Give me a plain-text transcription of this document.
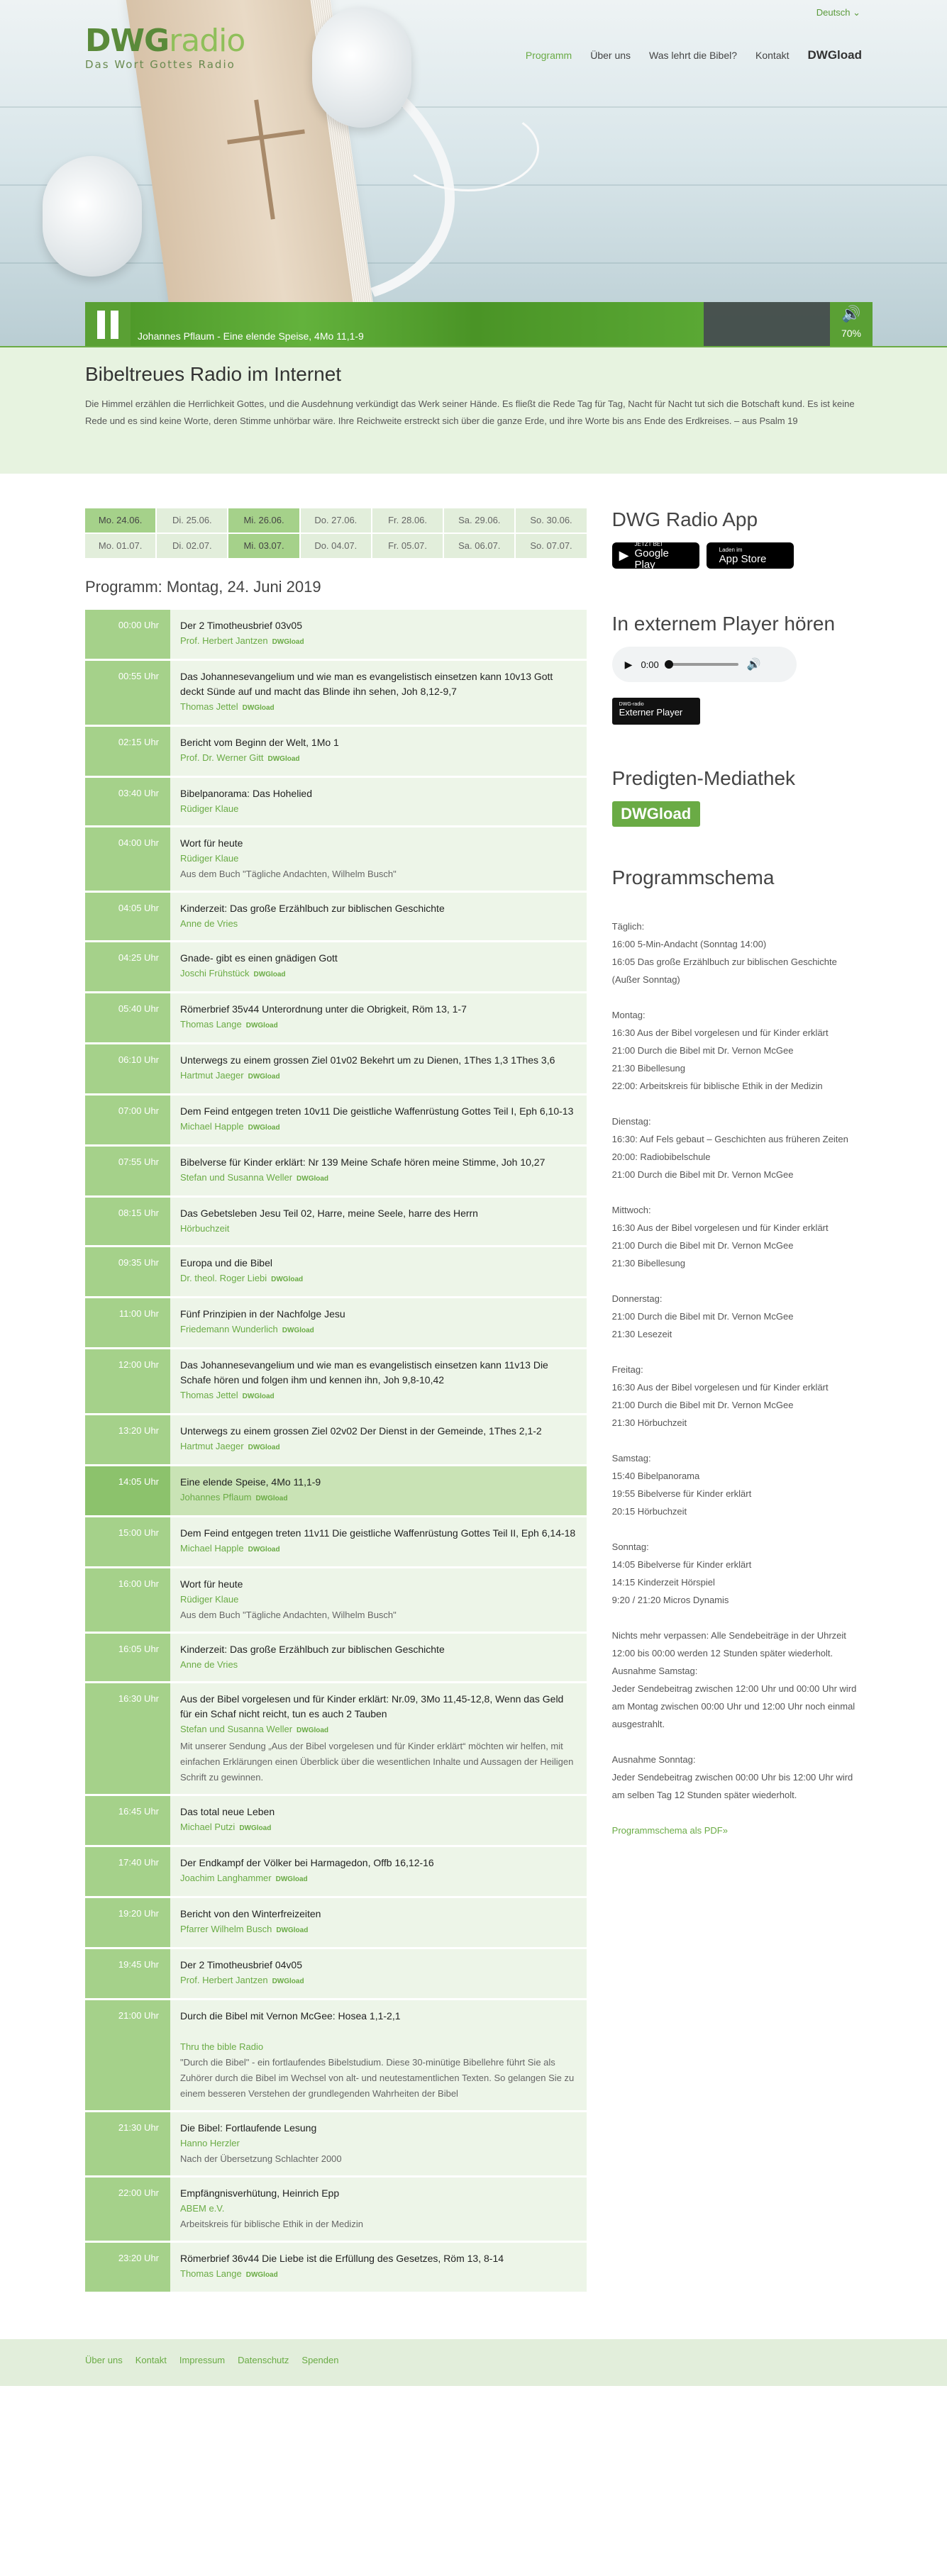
DWGradio
Das Wort Gottes Radio
Deutsch ⌄
Programm Über uns Was lehrt die Bibel? Kontakt DWGload
Johannes Pflaum - Eine elende Speise, 4Mo 11,1-9
🔊
70%
Bibeltreues Radio im Internet

Die Himmel erzählen die Herrlichkeit Gottes, und die Ausdehnung verkündigt das Werk seiner Hände. Es fließt die Rede Tag für Tag, Nacht für Nacht tut sich die Botschaft kund. Es ist keine Rede und es sind keine Worte, deren Stimme unhörbar wäre. Ihre Reichweite erstreckt sich über die ganze Erde, und ihre Worte bis ans Ende des Erdkreises. – aus Psalm 19

Mo. 24.06.	Di. 25.06.	Mi. 26.06.	Do. 27.06.	Fr. 28.06.	Sa. 29.06.	So. 30.06.
Mo. 01.07.	Di. 02.07.	Mi. 03.07.	Do. 04.07.	Fr. 05.07.	Sa. 06.07.	So. 07.07.
Programm: Montag, 24. Juni 2019
00:00 Uhr	Der 2 Timotheusbrief 03v05
Prof. Herbert Jantzen DWGload
00:55 Uhr	Das Johannesevangelium und wie man es evangelistisch einsetzen kann 10v13 Gott deckt Sünde auf und macht das Blinde ihn sehen, Joh 8,12-9,7
Thomas Jettel DWGload
02:15 Uhr	Bericht vom Beginn der Welt, 1Mo 1
Prof. Dr. Werner Gitt DWGload
03:40 Uhr	Bibelpanorama: Das Hohelied
Rüdiger Klaue
04:00 Uhr	Wort für heute
Rüdiger Klaue
Aus dem Buch "Tägliche Andachten, Wilhelm Busch"
04:05 Uhr	Kinderzeit: Das große Erzählbuch zur biblischen Geschichte
Anne de Vries
04:25 Uhr	Gnade- gibt es einen gnädigen Gott
Joschi Frühstück DWGload
05:40 Uhr	Römerbrief 35v44 Unterordnung unter die Obrigkeit, Röm 13, 1-7
Thomas Lange DWGload
06:10 Uhr	Unterwegs zu einem grossen Ziel 01v02 Bekehrt um zu Dienen, 1Thes 1,3 1Thes 3,6
Hartmut Jaeger DWGload
07:00 Uhr	Dem Feind entgegen treten 10v11 Die geistliche Waffenrüstung Gottes Teil I, Eph 6,10-13
Michael Happle DWGload
07:55 Uhr	Bibelverse für Kinder erklärt: Nr 139 Meine Schafe hören meine Stimme, Joh 10,27
Stefan und Susanna Weller DWGload
08:15 Uhr	Das Gebetsleben Jesu Teil 02, Harre, meine Seele, harre des Herrn
Hörbuchzeit
09:35 Uhr	Europa und die Bibel
Dr. theol. Roger Liebi DWGload
11:00 Uhr	Fünf Prinzipien in der Nachfolge Jesu
Friedemann Wunderlich DWGload
12:00 Uhr	Das Johannesevangelium und wie man es evangelistisch einsetzen kann 11v13 Die Schafe hören und folgen ihm und kennen ihn, Joh 9,8-10,42
Thomas Jettel DWGload
13:20 Uhr	Unterwegs zu einem grossen Ziel 02v02 Der Dienst in der Gemeinde, 1Thes 2,1-2
Hartmut Jaeger DWGload
14:05 Uhr	Eine elende Speise, 4Mo 11,1-9
Johannes Pflaum DWGload
15:00 Uhr	Dem Feind entgegen treten 11v11 Die geistliche Waffenrüstung Gottes Teil II, Eph 6,14-18
Michael Happle DWGload
16:00 Uhr	Wort für heute
Rüdiger Klaue
Aus dem Buch "Tägliche Andachten, Wilhelm Busch"
16:05 Uhr	Kinderzeit: Das große Erzählbuch zur biblischen Geschichte
Anne de Vries
16:30 Uhr	Aus der Bibel vorgelesen und für Kinder erklärt: Nr.09, 3Mo 11,45-12,8, Wenn das Geld für ein Schaf nicht reicht, tun es auch 2 Tauben
Stefan und Susanna Weller DWGload
Mit unserer Sendung „Aus der Bibel vorgelesen und für Kinder erklärt“ möchten wir helfen, mit einfachen Erklärungen einen Überblick über die wesentlichen Inhalte und Aussagen der Heiligen Schrift zu gewinnen.
16:45 Uhr	Das total neue Leben
Michael Putzi DWGload
17:40 Uhr	Der Endkampf der Völker bei Harmagedon, Offb 16,12-16
Joachim Langhammer DWGload
19:20 Uhr	Bericht von den Winterfreizeiten
Pfarrer Wilhelm Busch DWGload
19:45 Uhr	Der 2 Timotheusbrief 04v05
Prof. Herbert Jantzen DWGload
21:00 Uhr	Durch die Bibel mit Vernon McGee: Hosea 1,1-2,1
Thru the bible Radio
"Durch die Bibel" - ein fortlaufendes Bibelstudium. Diese 30-minütige Bibellehre führt Sie als Zuhörer durch die Bibel im Wechsel von alt- und neutestamentlichen Texten. So gelangen Sie zu einem besseren Verstehen der grundlegenden Wahrheiten der Bibel
21:30 Uhr	Die Bibel: Fortlaufende Lesung
Hanno Herzler
Nach der Übersetzung Schlachter 2000
22:00 Uhr	Empfängnisverhütung, Heinrich Epp
ABEM e.V.
Arbeitskreis für biblische Ethik in der Medizin
23:20 Uhr	Römerbrief 36v44 Die Liebe ist die Erfüllung des Gesetzes, Röm 13, 8-14
Thomas Lange DWGload
DWG Radio App
▶
JETZT BEI
Google Play
Laden im
App Store
In externem Player hören
▶ 0:00	🔊
DWG-radio
Externer Player
Predigten-Mediathek
DWGload
Programmschema
Täglich:
16:00 5-Min-Andacht (Sonntag 14:00)
16:05 Das große Erzählbuch zur biblischen Geschichte (Außer Sonntag)
Montag:
16:30 Aus der Bibel vorgelesen und für Kinder erklärt
21:00 Durch die Bibel mit Dr. Vernon McGee
21:30 Bibellesung
22:00: Arbeitskreis für biblische Ethik in der Medizin
Dienstag:
16:30: Auf Fels gebaut – Geschichten aus früheren Zeiten
20:00: Radiobibelschule
21:00 Durch die Bibel mit Dr. Vernon McGee
Mittwoch:
16:30 Aus der Bibel vorgelesen und für Kinder erklärt
21:00 Durch die Bibel mit Dr. Vernon McGee
21:30 Bibellesung
Donnerstag:
21:00 Durch die Bibel mit Dr. Vernon McGee
21:30 Lesezeit
Freitag:
16:30 Aus der Bibel vorgelesen und für Kinder erklärt
21:00 Durch die Bibel mit Dr. Vernon McGee
21:30 Hörbuchzeit
Samstag:
15:40 Bibelpanorama
19:55 Bibelverse für Kinder erklärt
20:15 Hörbuchzeit
Sonntag:
14:05 Bibelverse für Kinder erklärt
14:15 Kinderzeit Hörspiel
9:20 / 21:20 Micros Dynamis
Nichts mehr verpassen: Alle Sendebeiträge in der Uhrzeit 12:00 bis 00:00 werden 12 Stunden später wiederholt.
Ausnahme Samstag:
Jeder Sendebeitrag zwischen 12:00 Uhr und 00:00 Uhr wird am Montag zwischen 00:00 Uhr und 12:00 Uhr noch einmal ausgestrahlt.
Ausnahme Sonntag:
Jeder Sendebeitrag zwischen 00:00 Uhr bis 12:00 Uhr wird am selben Tag 12 Stunden später wiederholt.
Programmschema als PDF»
Über uns Kontakt Impressum Datenschutz Spenden
